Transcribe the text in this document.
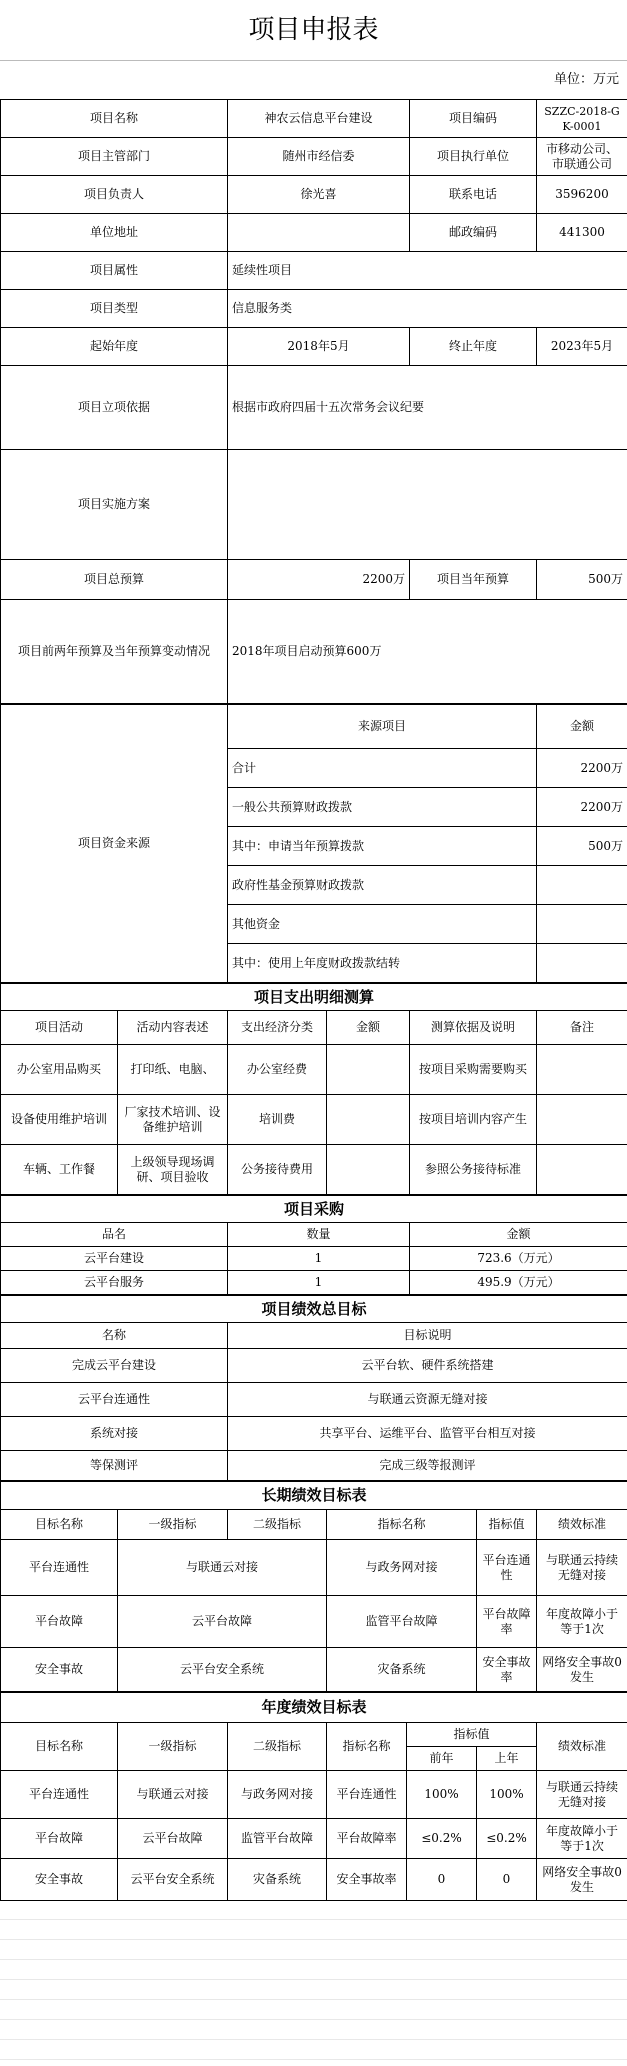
项目申报表
单位：万元
项目名称	神农云信息平台建设	项目编码	SZZC-2018-GK-0001
项目主管部门	随州市经信委	项目执行单位	市移动公司、市联通公司
项目负责人	徐光喜	联系电话	3596200
单位地址		邮政编码	441300
项目属性	延续性项目		
项目类型	信息服务类		
起始年度	2018年5月	终止年度	2023年5月
项目立项依据	根据市政府四届十五次常务会议纪要		
项目实施方案			
项目总预算	2200万	项目当年预算	500万
项目前两年预算及当年预算变动情况	2018年项目启动预算600万		
项目资金来源	来源项目	金额
	合计	2200万
	一般公共预算财政拨款	2200万
	其中：申请当年预算拨款	500万
	政府性基金预算财政拨款	
	其他资金	
	其中：使用上年度财政拨款结转	
项目支出明细测算					
项目活动	活动内容表述	支出经济分类	金额	测算依据及说明	备注
办公室用品购买	打印纸、电脑、	办公室经费		按项目采购需要购买	
设备使用维护培训	厂家技术培训、设备维护培训	培训费		按项目培训内容产生	
车辆、工作餐	上级领导现场调研、项目验收	公务接待费用		参照公务接待标准	
项目采购		
品名	数量	金额
云平台建设	1	723.6（万元）
云平台服务	1	495.9（万元）
项目绩效总目标	
名称	目标说明
完成云平台建设	云平台软、硬件系统搭建
云平台连通性	与联通云资源无缝对接
系统对接	共享平台、运维平台、监管平台相互对接
等保测评	完成三级等报测评
长期绩效目标表					
目标名称	一级指标	二级指标	指标名称	指标值	绩效标准
平台连通性	与联通云对接		与政务网对接	平台连通性	与联通云持续无缝对接
平台故障	云平台故障		监管平台故障	平台故障率	年度故障小于等于1次
安全事故	云平台安全系统		灾备系统	安全事故率	网络安全事故0发生
年度绩效目标表						
目标名称	一级指标	二级指标	指标名称	指标值		绩效标准
				前年	上年	
平台连通性	与联通云对接	与政务网对接	平台连通性	100%	100%	与联通云持续无缝对接
平台故障	云平台故障	监管平台故障	平台故障率	≤0.2%	≤0.2%	年度故障小于等于1次
安全事故	云平台安全系统	灾备系统	安全事故率	0	0	网络安全事故0发生
